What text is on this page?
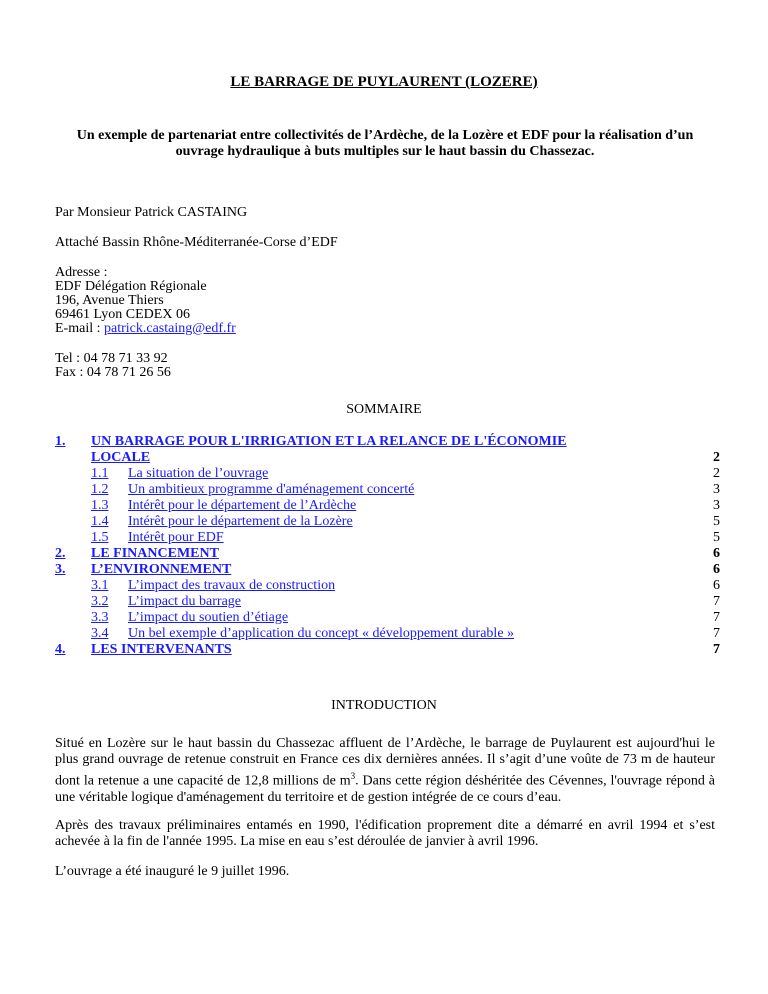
LE BARRAGE DE PUYLAURENT (LOZERE)
Un exemple de partenariat entre collectivités de l’Ardèche, de la Lozère et EDF pour la réalisation d’un ouvrage hydraulique à buts multiples sur le haut bassin du Chassezac.
Par Monsieur Patrick CASTAING
Attaché Bassin Rhône-Méditerranée-Corse d’EDF
Adresse :
EDF Délégation Régionale
196, Avenue Thiers
69461 Lyon CEDEX 06
E-mail : patrick.castaing@edf.fr
Tel : 04 78 71 33 92
Fax : 04 78 71 26 56
SOMMAIRE
1. UN BARRAGE POUR L'IRRIGATION ET LA RELANCE DE L'ÉCONOMIE
LOCALE	2
1.1 La situation de l’ouvrage	2
1.2 Un ambitieux programme d'aménagement concerté	3
1.3 Intérêt pour le département de l’Ardèche	3
1.4 Intérêt pour le département de la Lozère	5
1.5 Intérêt pour EDF	5
2. LE FINANCEMENT	6
3. L’ENVIRONNEMENT	6
3.1 L’impact des travaux de construction	6
3.2 L’impact du barrage	7
3.3 L’impact du soutien d’étiage	7
3.4 Un bel exemple d’application du concept « développement durable »	7
4. LES INTERVENANTS	7
INTRODUCTION
Situé en Lozère sur le haut bassin du Chassezac affluent de l’Ardèche, le barrage de Puylaurent est aujourd'hui le plus grand ouvrage de retenue construit en France ces dix dernières années. Il s’agit d’une voûte de 73 m de hauteur dont la retenue a une capacité de 12,8 millions de $m^3$. Dans cette région déshéritée des Cévennes, l'ouvrage répond à une véritable logique d'aménagement du territoire et de gestion intégrée de ce cours d’eau.
Après des travaux préliminaires entamés en 1990, l'édification proprement dite a démarré en avril 1994 et s’est achevée à la fin de l'année 1995. La mise en eau s’est déroulée de janvier à avril 1996.
L’ouvrage a été inauguré le 9 juillet 1996.
